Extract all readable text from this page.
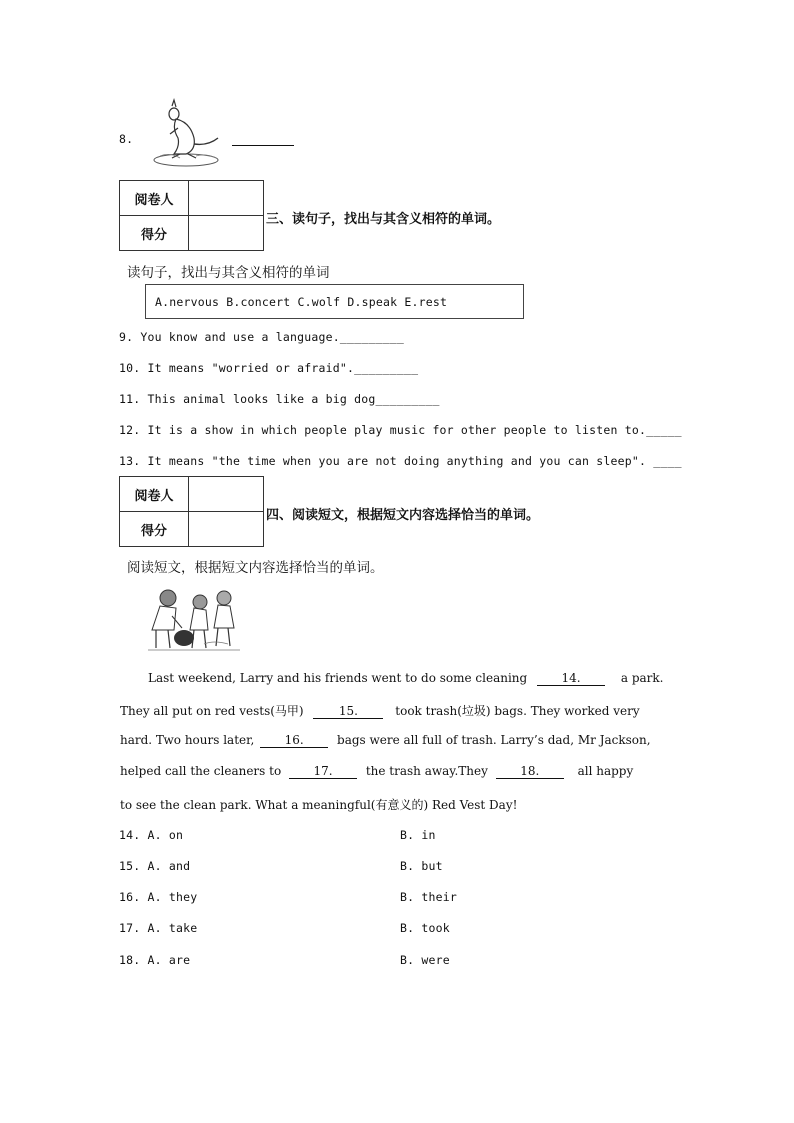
8.
阅卷人	
得分	
三、读句子，找出与其含义相符的单词。
读句子，找出与其含义相符的单词
A.nervous B.concert C.wolf D.speak E.rest
9. You know and use a language._________
10. It means "worried or afraid"._________
11. This animal looks like a big dog_________
12. It is a show in which people play music for other people to listen to._____
13. It means "the time when you are not doing anything and you can sleep". ____
阅卷人	
得分	
四、阅读短文，根据短文内容选择恰当的单词。
阅读短文，根据短文内容选择恰当的单词。
Last weekend, Larry and his friends went to do some cleaning	14.	a park.
They all put on red vests(马甲)	15.	took trash(垃圾) bags. They worked very
hard. Two hours later,	16.	bags were all full of trash. Larry’s dad, Mr Jackson,
helped call the cleaners to	17.	the trash away.They	18.	all happy
to see the clean park. What a meaningful(有意义的) Red Vest Day!
14. A. on	B. in
15. A. and	B. but
16. A. they	B. their
17. A. take	B. took
18. A. are	B. were
